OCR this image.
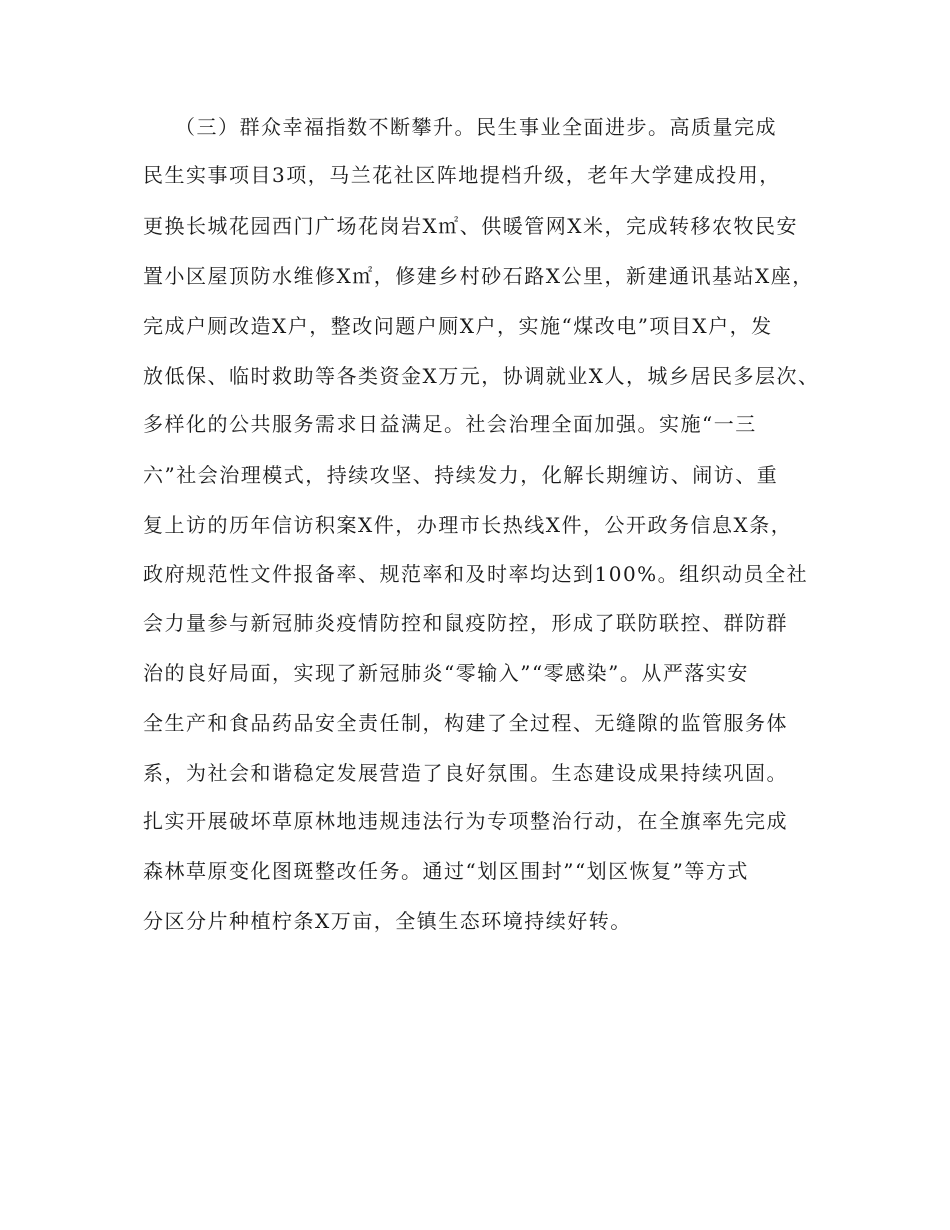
（三）群众幸福指数不断攀升。民生事业全面进步。高质量完成
民生实事项目3项，马兰花社区阵地提档升级，老年大学建成投用，
更换长城花园西门广场花岗岩X㎡、供暖管网X米，完成转移农牧民安
置小区屋顶防水维修X㎡，修建乡村砂石路X公里，新建通讯基站X座，
完成户厕改造X户，整改问题户厕X户，实施“煤改电”项目X户，发
放低保、临时救助等各类资金X万元，协调就业X人，城乡居民多层次、
多样化的公共服务需求日益满足。社会治理全面加强。实施“一三
六”社会治理模式，持续攻坚、持续发力，化解长期缠访、闹访、重
复上访的历年信访积案X件，办理市长热线X件，公开政务信息X条，
政府规范性文件报备率、规范率和及时率均达到100%。组织动员全社
会力量参与新冠肺炎疫情防控和鼠疫防控，形成了联防联控、群防群
治的良好局面，实现了新冠肺炎“零输入”“零感染”。从严落实安
全生产和食品药品安全责任制，构建了全过程、无缝隙的监管服务体
系，为社会和谐稳定发展营造了良好氛围。生态建设成果持续巩固。
扎实开展破坏草原林地违规违法行为专项整治行动，在全旗率先完成
森林草原变化图斑整改任务。通过“划区围封”“划区恢复”等方式
分区分片种植柠条X万亩，全镇生态环境持续好转。
